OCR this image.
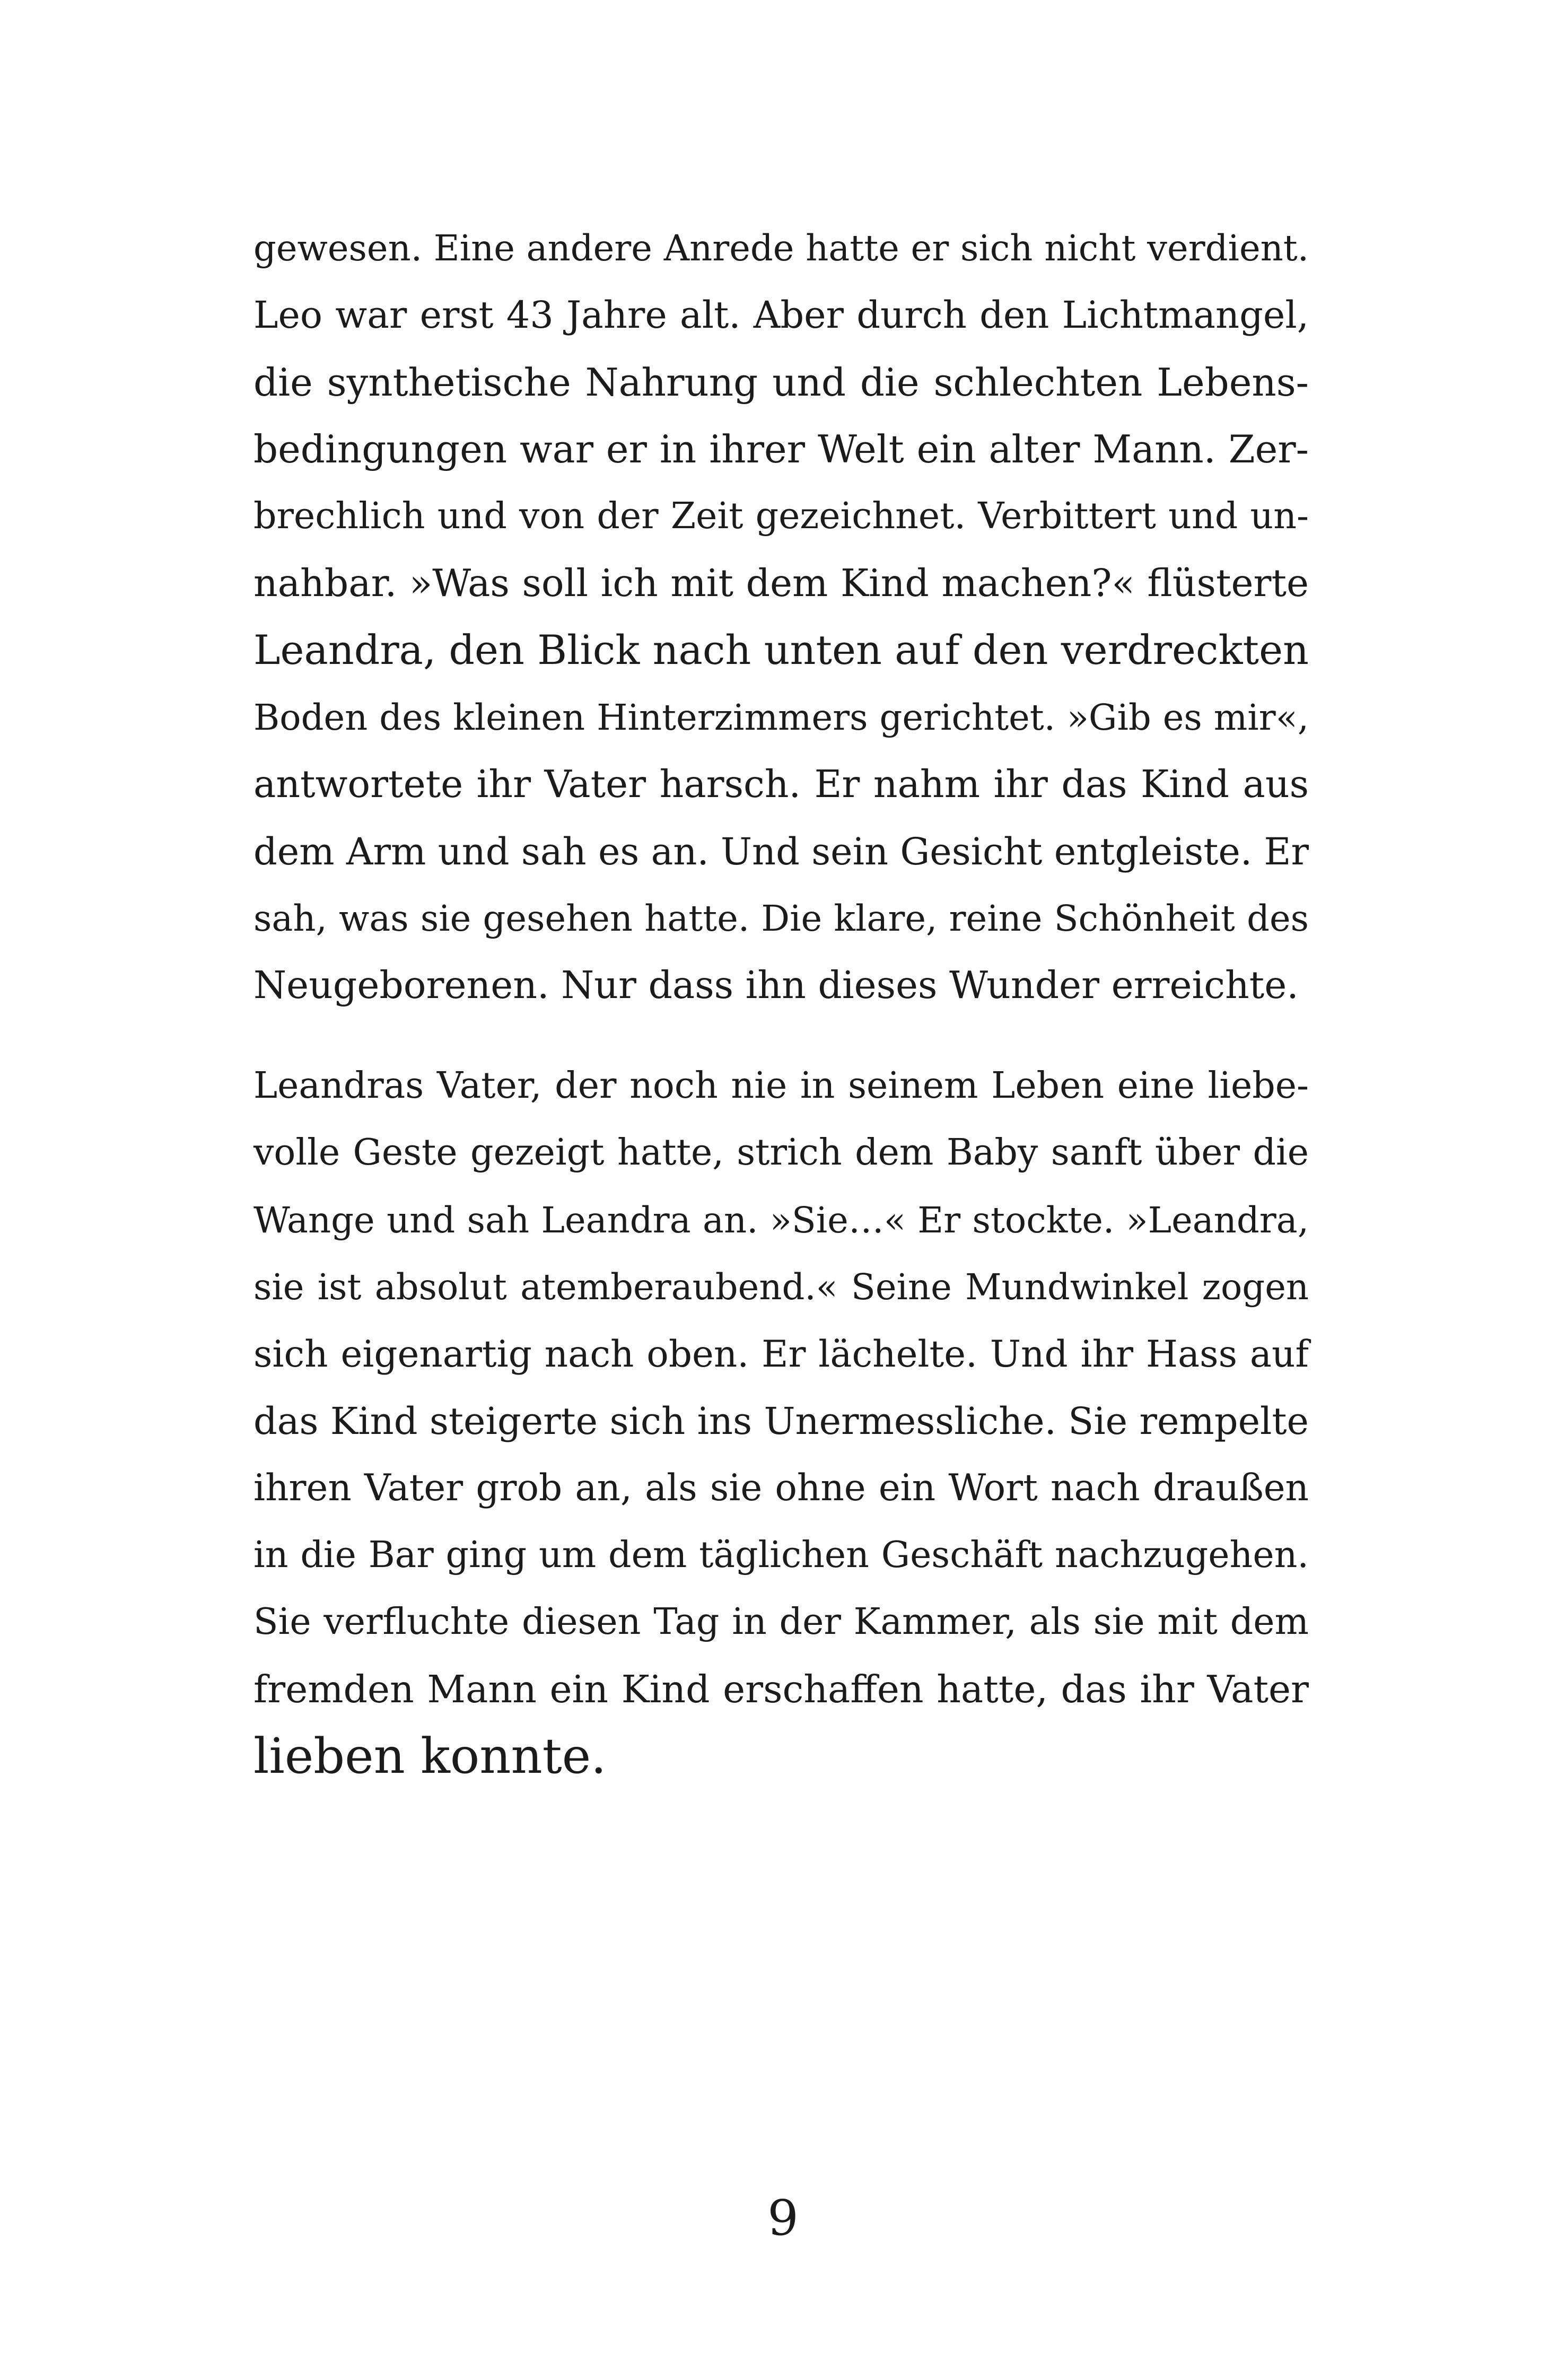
gewesen. Eine andere Anrede hatte er sich nicht verdient.
Leo war erst 43 Jahre alt. Aber durch den Lichtmangel,
die synthetische Nahrung und die schlechten Lebens-
bedingungen war er in ihrer Welt ein alter Mann. Zer-
brechlich und von der Zeit gezeichnet. Verbittert und un-
nahbar. »Was soll ich mit dem Kind machen?« flüsterte
Leandra, den Blick nach unten auf den verdreckten
Boden des kleinen Hinterzimmers gerichtet. »Gib es mir«,
antwortete ihr Vater harsch. Er nahm ihr das Kind aus
dem Arm und sah es an. Und sein Gesicht entgleiste. Er
sah, was sie gesehen hatte. Die klare, reine Schönheit des
Neugeborenen. Nur dass ihn dieses Wunder erreichte.
Leandras Vater, der noch nie in seinem Leben eine liebe-
volle Geste gezeigt hatte, strich dem Baby sanft über die
Wange und sah Leandra an. »Sie…« Er stockte. »Leandra,
sie ist absolut atemberaubend.« Seine Mundwinkel zogen
sich eigenartig nach oben. Er lächelte. Und ihr Hass auf
das Kind steigerte sich ins Unermessliche. Sie rempelte
ihren Vater grob an, als sie ohne ein Wort nach draußen
in die Bar ging um dem täglichen Geschäft nachzugehen.
Sie verfluchte diesen Tag in der Kammer, als sie mit dem
fremden Mann ein Kind erschaffen hatte, das ihr Vater
lieben konnte.
9
